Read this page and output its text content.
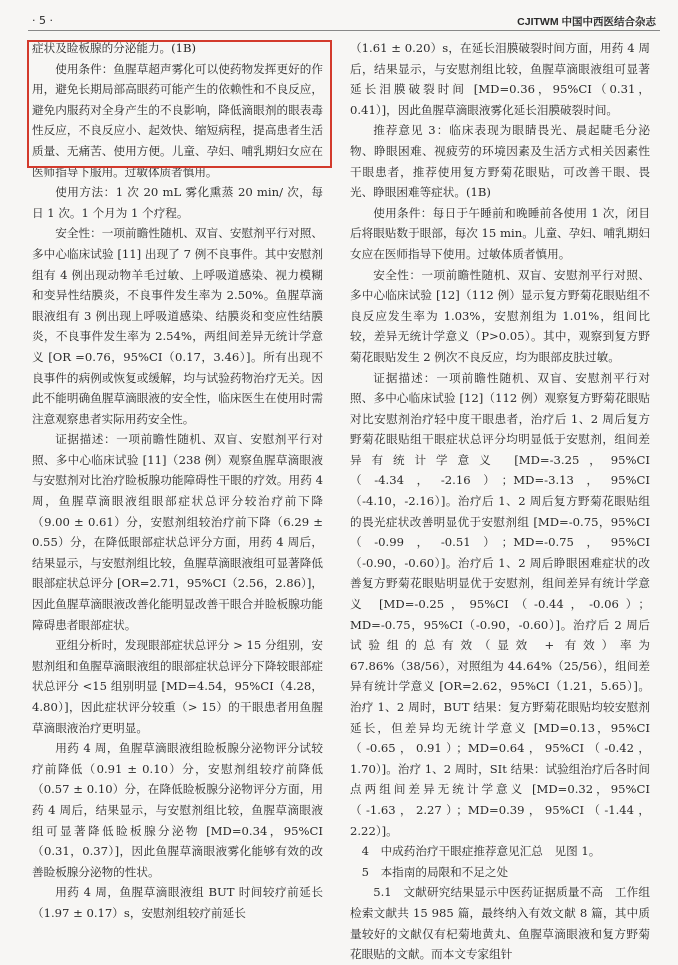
· 5 ·	CJITWM 中国中西医结合杂志

症状及睑板腺的分泌能力。(1B)

使用条件：鱼腥草超声雾化可以使药物发挥更好的作用，避免长期局部高眼药可能产生的依赖性和不良反应，避免内服药对全身产生的不良影响，降低滴眼剂的眼表毒性反应，不良反应小、起效快、缩短病程，提高患者生活质量、无痛苦、使用方便。儿童、孕妇、哺乳期妇女应在医师指导下服用。过敏体质者慎用。

使用方法：1 次 20 mL 雾化熏蒸 20 min/ 次，每日 1 次。1 个月为 1 个疗程。

安全性：一项前瞻性随机、双盲、安慰剂平行对照、多中心临床试验 [11] 出现了 7 例不良事件。其中安慰剂组有 4 例出现动物羊毛过敏、上呼吸道感染、视力模糊和变异性结膜炎，不良事件发生率为 2.50%。鱼腥草滴眼液组有 3 例出现上呼吸道感染、结膜炎和变应性结膜炎，不良事件发生率为 2.54%，两组间差异无统计学意义 [OR =0.76，95%CI（0.17，3.46）]。所有出现不良事件的病例或恢复或缓解，均与试验药物治疗无关。因此不能明确鱼腥草滴眼液的安全性，临床医生在使用时需注意观察患者实际用药安全性。

证据描述：一项前瞻性随机、双盲、安慰剂平行对照、多中心临床试验 [11]（238 例）观察鱼腥草滴眼液与安慰剂对比治疗睑板腺功能障碍性干眼的疗效。用药 4 周，鱼腥草滴眼液组眼部症状总评分较治疗前下降（9.00 ± 0.61）分，安慰剂组较治疗前下降（6.29 ± 0.55）分，在降低眼部症状总评分方面，用药 4 周后，结果显示，与安慰剂组比较，鱼腥草滴眼液组可显著降低眼部症状总评分 [OR=2.71，95%CI（2.56，2.86）]，因此鱼腥草滴眼液改善化能明显改善干眼合并睑板腺功能障碍患者眼部症状。

亚组分析时，发现眼部症状总评分 > 15 分组别，安慰剂组和鱼腥草滴眼液组的眼部症状总评分下降较眼部症状总评分 <15 组别明显 [MD=4.54，95%CI（4.28，4.80）]，因此症状评分较重（> 15）的干眼患者用鱼腥草滴眼液治疗更明显。

用药 4 周，鱼腥草滴眼液组睑板腺分泌物评分试较疗前降低（0.91 ± 0.10）分，安慰剂组较疗前降低（0.57 ± 0.10）分，在降低睑板腺分泌物评分方面，用药 4 周后，结果显示，与安慰剂组比较，鱼腥草滴眼液组可显著降低睑板腺分泌物 [MD=0.34，95%CI（0.31，0.37）]，因此鱼腥草滴眼液雾化能够有效的改善睑板腺分泌物的性状。

用药 4 周，鱼腥草滴眼液组 BUT 时间较疗前延长（1.97 ± 0.17）s，安慰剂组较疗前延长

（1.61 ± 0.20）s，在延长泪膜破裂时间方面，用药 4 周后，结果显示，与安慰剂组比较，鱼腥草滴眼液组可显著延长泪膜破裂时间 [MD=0.36，95%CI（0.31，0.41）]，因此鱼腥草滴眼液雾化延长泪膜破裂时间。

推荐意见 3：临床表现为眼睛畏光、晨起睫毛分泌物、睁眼困难、视疲劳的环境因素及生活方式相关因素性干眼患者，推荐使用复方野菊花眼贴，可改善干眼、畏光、睁眼困难等症状。(1B)

使用条件：每日于午睡前和晚睡前各使用 1 次，闭目后将眼贴数于眼部，每次 15 min。儿童、孕妇、哺乳期妇女应在医师指导下使用。过敏体质者慎用。

安全性：一项前瞻性随机、双盲、安慰剂平行对照、多中心临床试验 [12]（112 例）显示复方野菊花眼贴组不良反应发生率为 1.03%，安慰剂组为 1.01%，组间比较，差异无统计学意义（P>0.05）。其中，观察到复方野菊花眼贴发生 2 例次不良反应，均为眼部皮肤过敏。

证据描述：一项前瞻性随机、双盲、安慰剂平行对照、多中心临床试验 [12]（112 例）观察复方野菊花眼贴对比安慰剂治疗轻中度干眼患者，治疗后 1、2 周后复方野菊花眼贴组干眼症状总评分均明显低于安慰剂，组间差异有统计学意义 [MD=-3.25，95%CI（-4.34，-2.16）；MD=-3.13，95%CI（-4.10，-2.16）]。治疗后 1、2 周后复方野菊花眼贴组的畏光症状改善明显优于安慰剂组 [MD=-0.75，95%CI（-0.99，-0.51）；MD=-0.75，95%CI（-0.90，-0.60）]。治疗后 1、2 周后睁眼困难症状的改善复方野菊花眼贴明显优于安慰剂，组间差异有统计学意义 [MD=-0.25，95%CI（-0.44，-0.06）；MD=-0.75，95%CI（-0.90，-0.60）]。治疗后 2 周后试验组的总有效（显效 + 有效）率为 67.86%（38/56），对照组为 44.64%（25/56），组间差异有统计学意义 [OR=2.62，95%CI（1.21，5.65）]。治疗 1、2 周时，BUT 结果：复方野菊花眼贴均较安慰剂延长，但差异均无统计学意义 [MD=0.13，95%CI（-0.65，0.91）；MD=0.64，95%CI（-0.42，1.70）]。治疗 1、2 周时，SIt 结果：试验组治疗后各时间点两组间差异无统计学意义 [MD=0.32，95%CI（-1.63，2.27）；MD=0.39，95%CI（-1.44，2.22）]。

4　中成药治疗干眼症推荐意见汇总　见图 1。

5　本指南的局限和不足之处

5.1　文献研究结果显示中医药证据质量不高　工作组检索文献共 15 985 篇，最终纳入有效文献 8 篇，其中质量较好的文献仅有杞菊地黄丸、鱼腥草滴眼液和复方野菊花眼贴的文献。而本文专家组针
